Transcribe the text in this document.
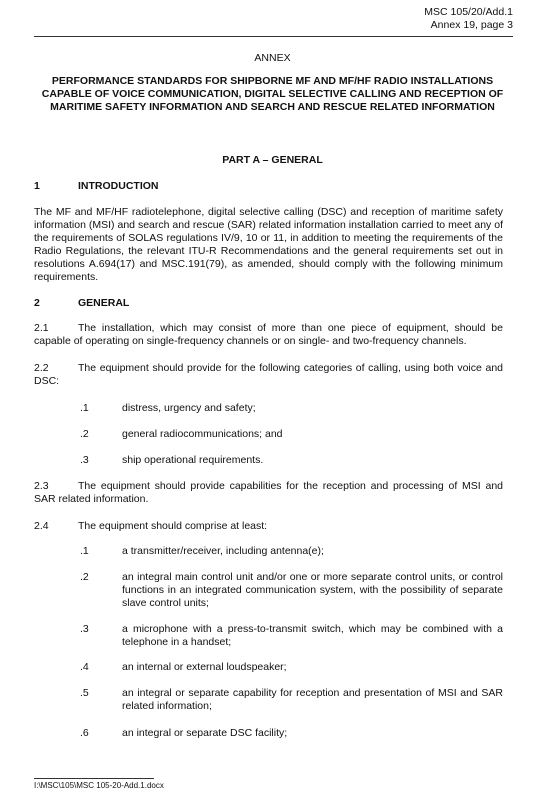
MSC 105/20/Add.1
Annex 19, page 3
ANNEX
PERFORMANCE STANDARDS FOR SHIPBORNE MF AND MF/HF RADIO INSTALLATIONS CAPABLE OF VOICE COMMUNICATION, DIGITAL SELECTIVE CALLING AND RECEPTION OF MARITIME SAFETY INFORMATION AND SEARCH AND RESCUE RELATED INFORMATION
PART A – GENERAL
1	INTRODUCTION
The MF and MF/HF radiotelephone, digital selective calling (DSC) and reception of maritime safety information (MSI) and search and rescue (SAR) related information installation carried to meet any of the requirements of SOLAS regulations IV/9, 10 or 11, in addition to meeting the requirements of the Radio Regulations, the relevant ITU-R Recommendations and the general requirements set out in resolutions A.694(17) and MSC.191(79), as amended, should comply with the following minimum requirements.
2	GENERAL
2.1	The installation, which may consist of more than one piece of equipment, should be capable of operating on single-frequency channels or on single- and two-frequency channels.
2.2	The equipment should provide for the following categories of calling, using both voice and DSC:
.1	distress, urgency and safety;
.2	general radiocommunications; and
.3	ship operational requirements.
2.3	The equipment should provide capabilities for the reception and processing of MSI and SAR related information.
2.4	The equipment should comprise at least:
.1	a transmitter/receiver, including antenna(e);
.2	an integral main control unit and/or one or more separate control units, or control functions in an integrated communication system, with the possibility of separate slave control units;
.3	a microphone with a press-to-transmit switch, which may be combined with a telephone in a handset;
.4	an internal or external loudspeaker;
.5	an integral or separate capability for reception and presentation of MSI and SAR related information;
.6	an integral or separate DSC facility;
I:\MSC\105\MSC 105-20-Add.1.docx
